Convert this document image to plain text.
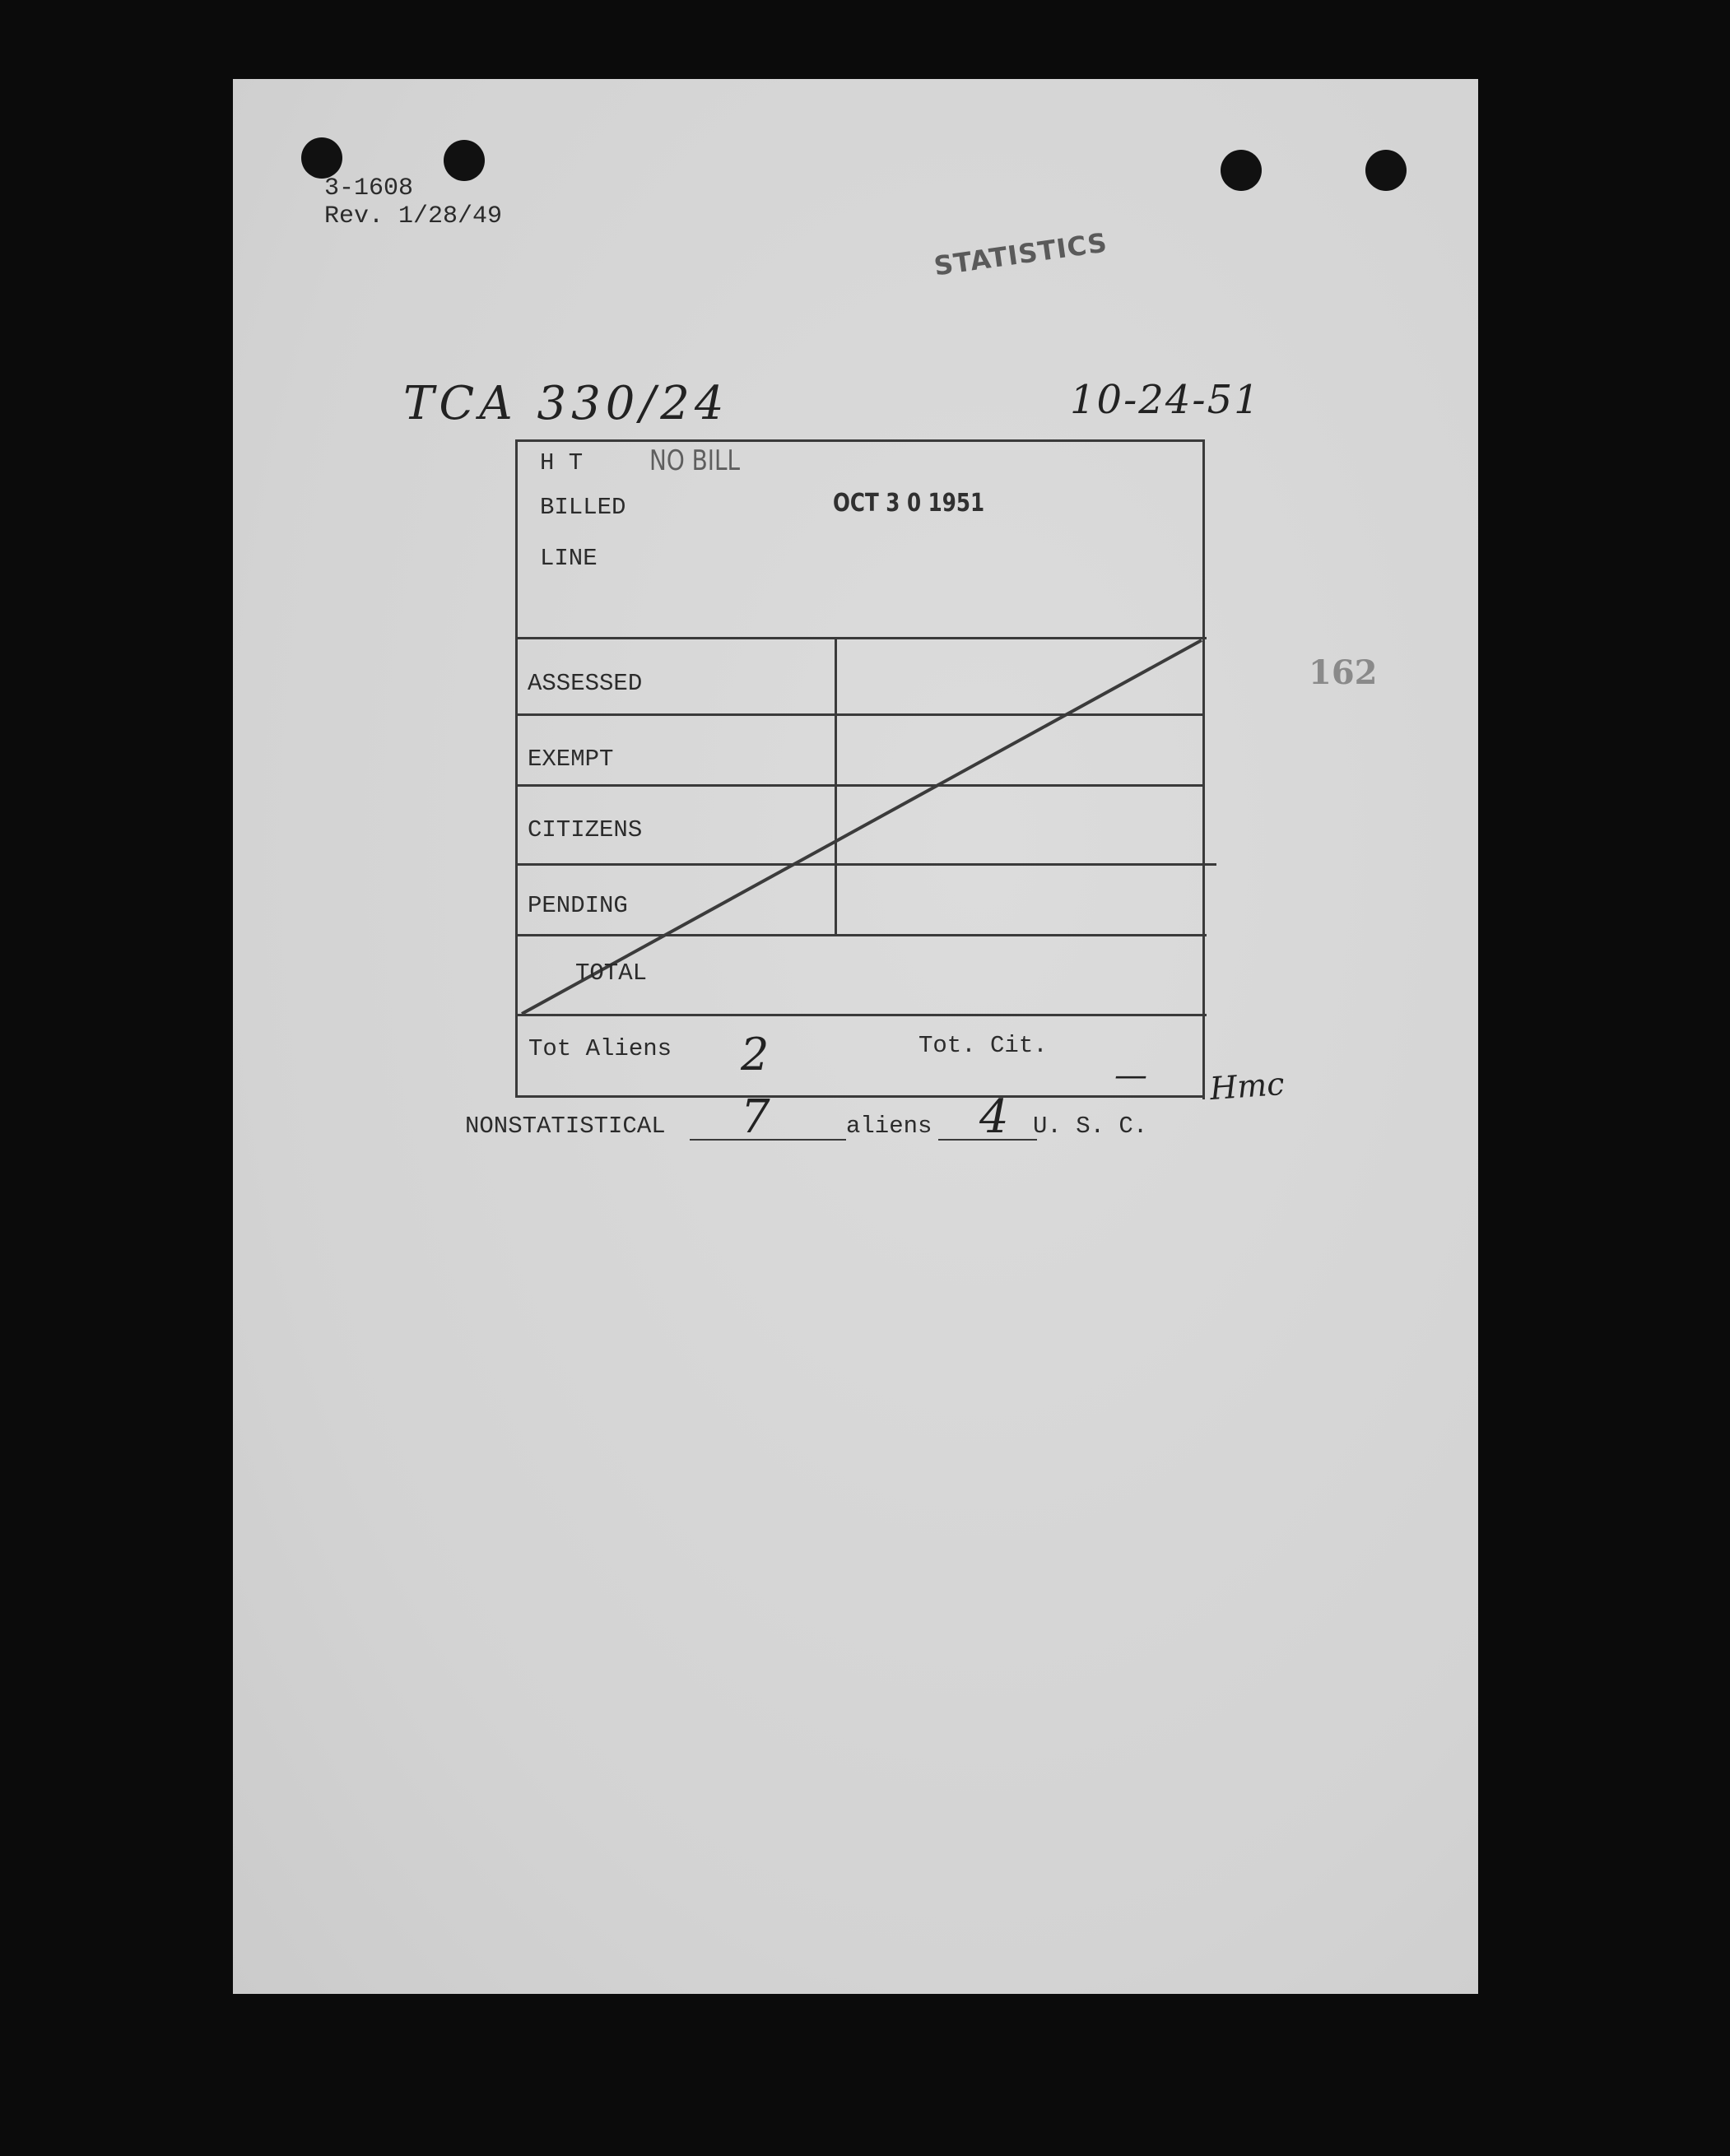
3-1608
Rev. 1/28/49
STATISTICS
TCA 330/24	10-24-51
162
H T NO BILL
BILLED	OCT 3 0 1951
LINE
ASSESSED
EXEMPT
CITIZENS
PENDING
TOTAL
Tot Aliens 2	Tot. Cit.
— Hmc
NONSTATISTICAL 7	aliens 4 U. S. C.
